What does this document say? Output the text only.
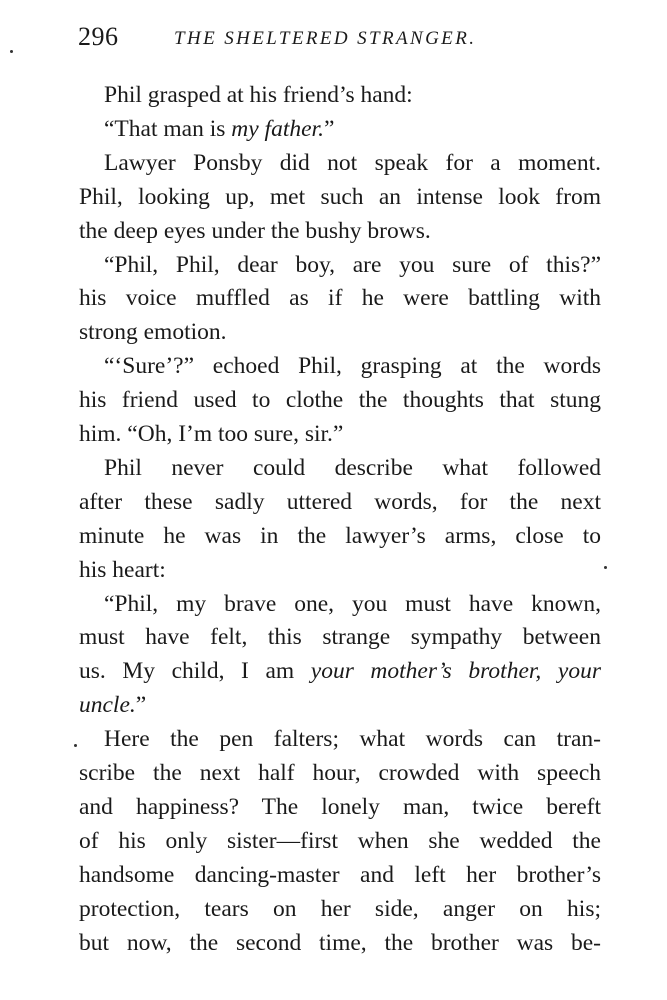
296	THE SHELTERED STRANGER.
Phil grasped at his friend’s hand:
“That man is my father.”
Lawyer Ponsby did not speak for a moment.
Phil, looking up, met such an intense look from
the deep eyes under the bushy brows.
“Phil, Phil, dear boy, are you sure of this?”
his voice muffled as if he were battling with
strong emotion.
“‘Sure’?” echoed Phil, grasping at the words
his friend used to clothe the thoughts that stung
him. “Oh, I’m too sure, sir.”
Phil never could describe what followed
after these sadly uttered words, for the next
minute he was in the lawyer’s arms, close to
his heart:
“Phil, my brave one, you must have known,
must have felt, this strange sympathy between
us. My child, I am your mother’s brother, your
uncle.”
Here the pen falters; what words can tran-
scribe the next half hour, crowded with speech
and happiness? The lonely man, twice bereft
of his only sister—first when she wedded the
handsome dancing-master and left her brother’s
protection, tears on her side, anger on his;
but now, the second time, the brother was be-
